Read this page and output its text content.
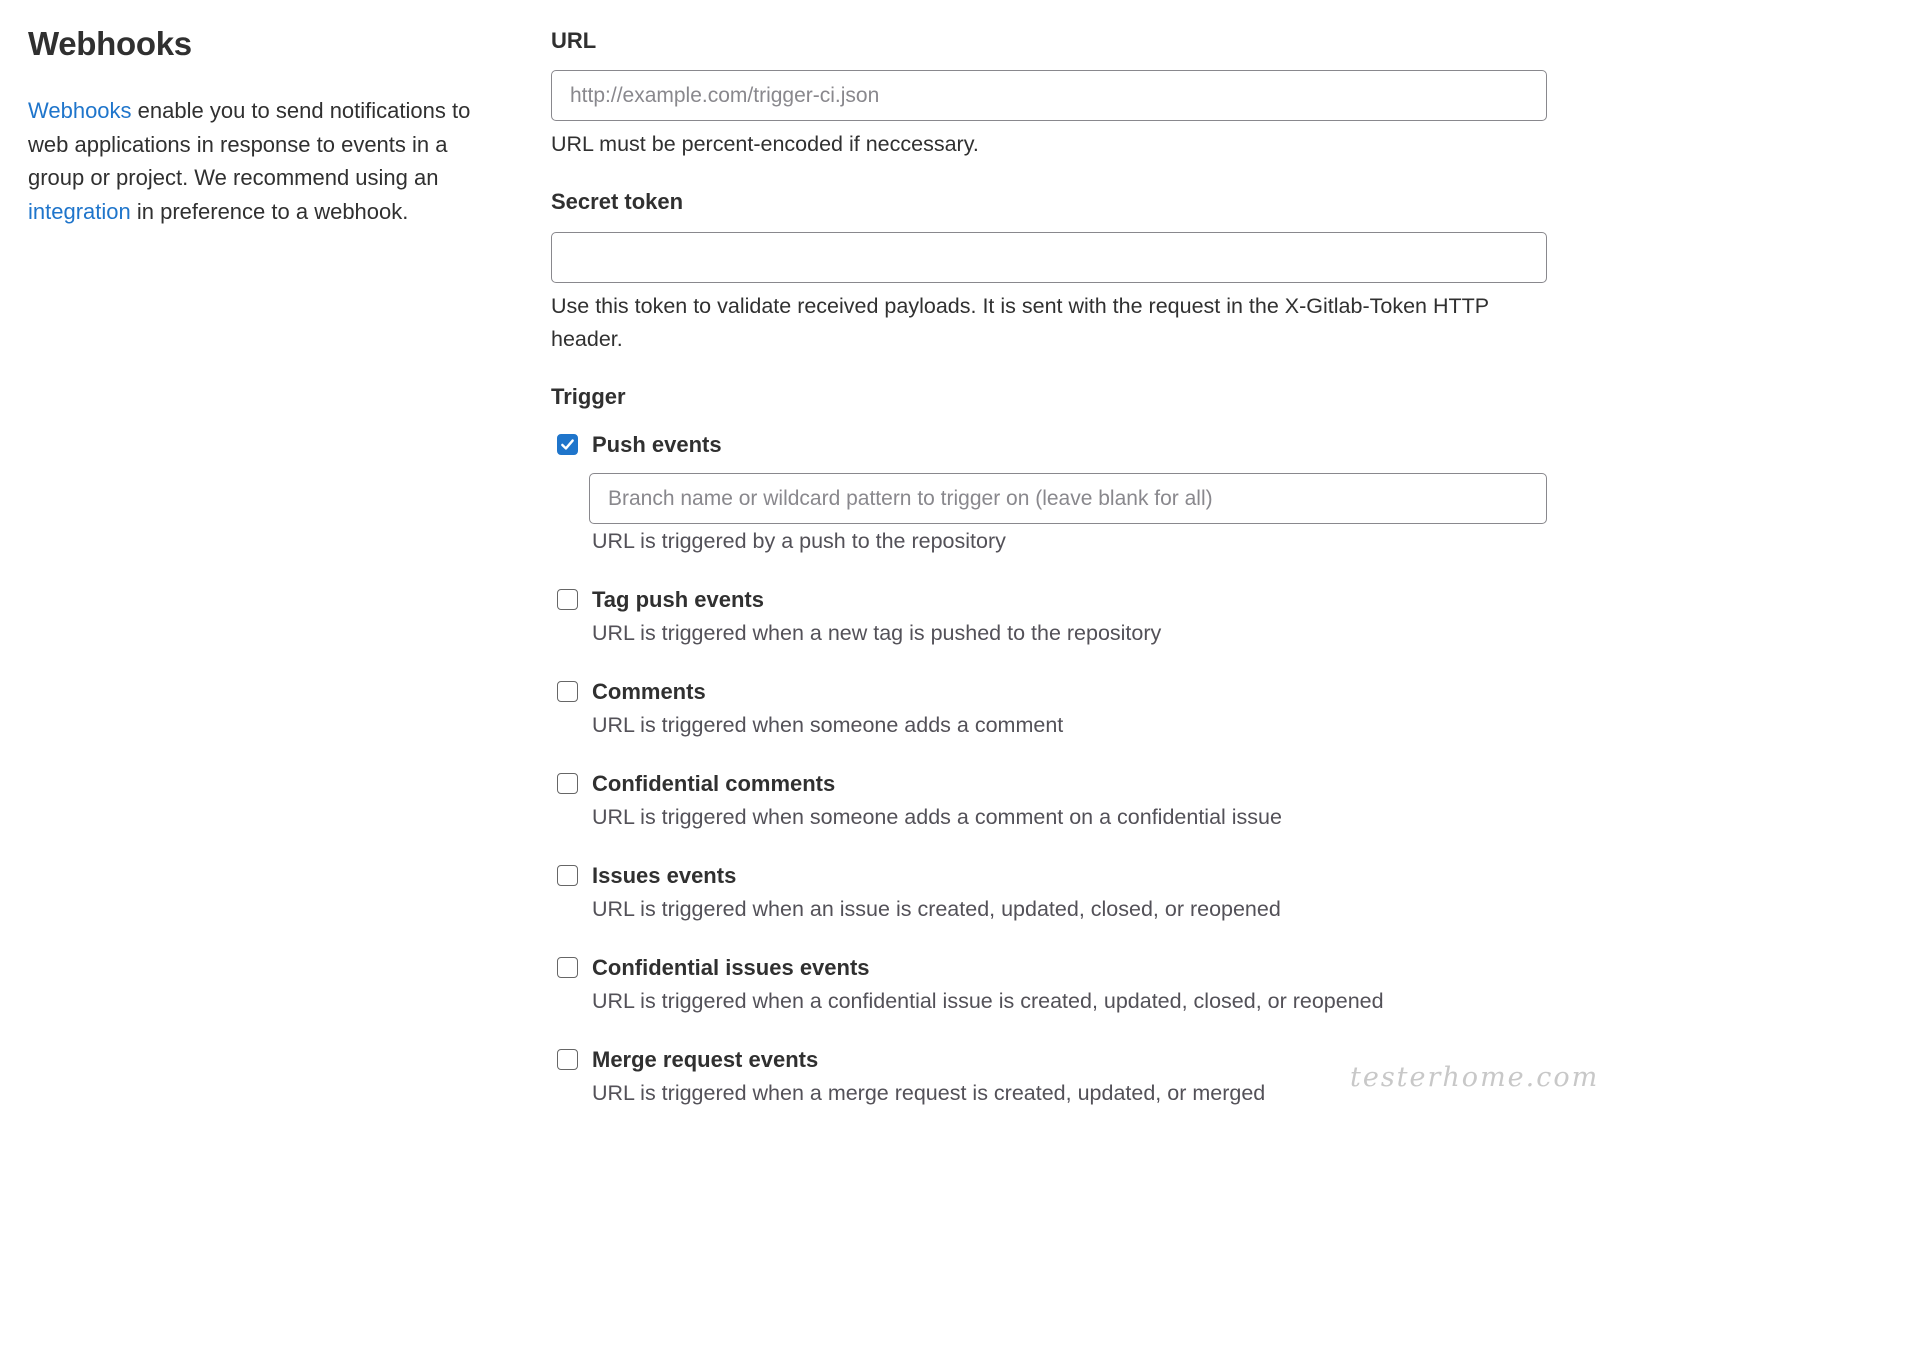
Webhooks

Webhooks enable you to send notifications to web applications in response to events in a group or project. We recommend using an integration in preference to a webhook.

URL
http://example.com/trigger-ci.json
URL must be percent-encoded if neccessary.
Secret token
Use this token to validate received payloads. It is sent with the request in the X-Gitlab-Token HTTP header.
Trigger
Push events
Branch name or wildcard pattern to trigger on (leave blank for all)
URL is triggered by a push to the repository
Tag push events
URL is triggered when a new tag is pushed to the repository
Comments
URL is triggered when someone adds a comment
Confidential comments
URL is triggered when someone adds a comment on a confidential issue
Issues events
URL is triggered when an issue is created, updated, closed, or reopened
Confidential issues events
URL is triggered when a confidential issue is created, updated, closed, or reopened
Merge request events
URL is triggered when a merge request is created, updated, or merged	testerhome.com
